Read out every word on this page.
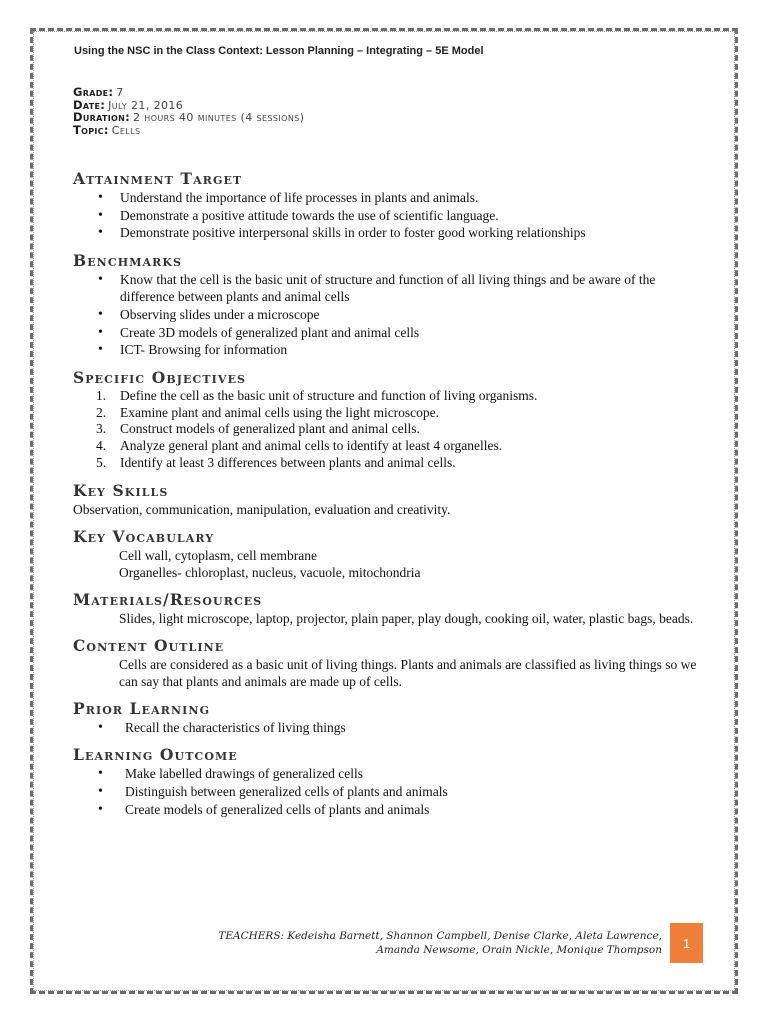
Using the NSC in the Class Context: Lesson Planning – Integrating – 5E Model
Grade: 7
Date: July 21, 2016
Duration: 2 hours 40 minutes (4 sessions)
Topic: Cells
Attainment Target
• Understand the importance of life processes in plants and animals.
• Demonstrate a positive attitude towards the use of scientific language.
• Demonstrate positive interpersonal skills in order to foster good working relationships
Benchmarks
• Know that the cell is the basic unit of structure and function of all living things and be aware of the difference between plants and animal cells
• Observing slides under a microscope
• Create 3D models of generalized plant and animal cells
• ICT- Browsing for information
Specific Objectives
1. Define the cell as the basic unit of structure and function of living organisms.
2. Examine plant and animal cells using the light microscope.
3. Construct models of generalized plant and animal cells.
4. Analyze general plant and animal cells to identify at least 4 organelles.
5. Identify at least 3 differences between plants and animal cells.
Key Skills

Observation, communication, manipulation, evaluation and creativity.

Key Vocabulary

Cell wall, cytoplasm, cell membrane

Organelles- chloroplast, nucleus, vacuole, mitochondria

Materials/Resources

Slides, light microscope, laptop, projector, plain paper, play dough, cooking oil, water, plastic bags, beads.

Content Outline

Cells are considered as a basic unit of living things. Plants and animals are classified as living things so we can say that plants and animals are made up of cells.

Prior Learning
• Recall the characteristics of living things
Learning Outcome
• Make labelled drawings of generalized cells
• Distinguish between generalized cells of plants and animals
• Create models of generalized cells of plants and animals
TEACHERS: Kedeisha Barnett, Shannon Campbell, Denise Clarke, Aleta Lawrence,
Amanda Newsome, Orain Nickle, Monique Thompson	1
